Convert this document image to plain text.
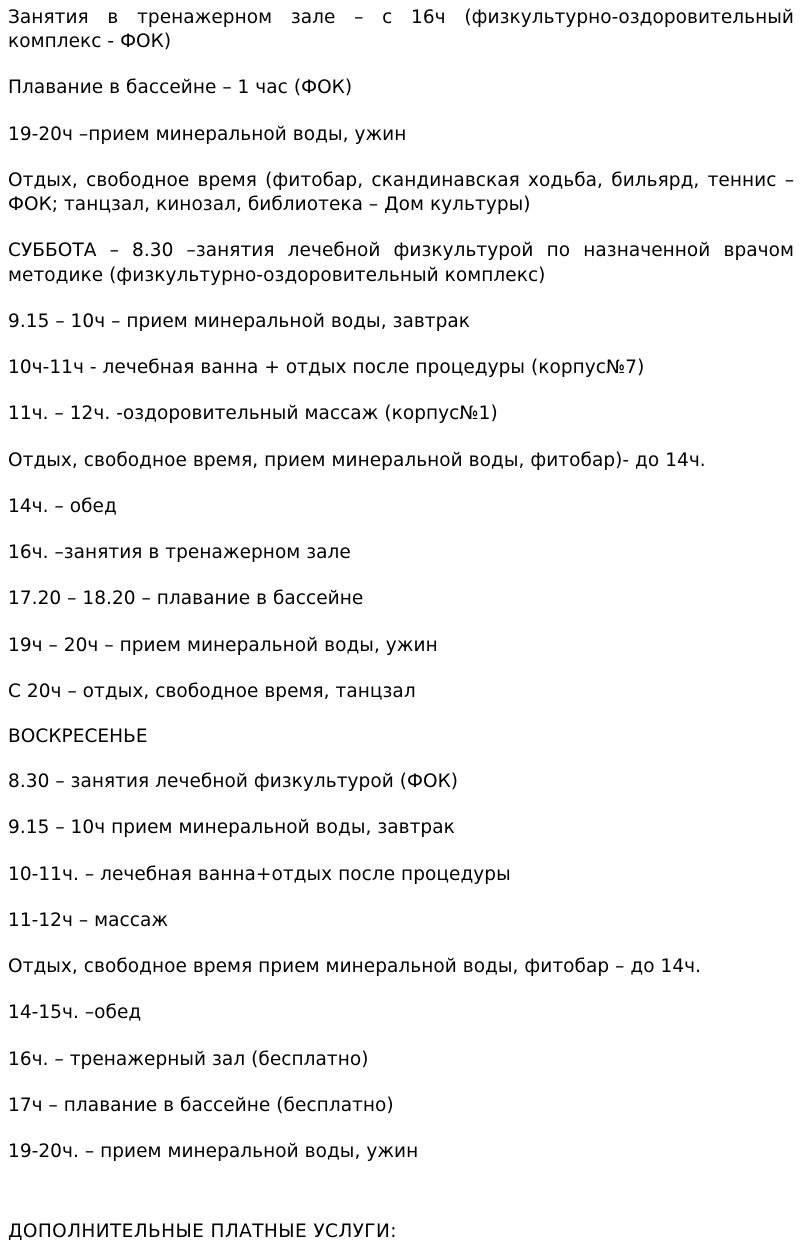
Занятия в тренажерном зале – с 16ч (физкультурно-оздоровительный комплекс - ФОК)

Плавание в бассейне – 1 час (ФОК)

19-20ч –прием минеральной воды, ужин

Отдых, свободное время (фитобар, скандинавская ходьба, бильярд, теннис – ФОК; танцзал, кинозал, библиотека – Дом культуры)

СУББОТА – 8.30 –занятия лечебной физкультурой по назначенной врачом методике (физкультурно-оздоровительный комплекс)

9.15 – 10ч – прием минеральной воды, завтрак

10ч-11ч - лечебная ванна + отдых после процедуры (корпус№7)

11ч. – 12ч. -оздоровительный массаж (корпус№1)

Отдых, свободное время, прием минеральной воды, фитобар)- до 14ч.

14ч. – обед

16ч. –занятия в тренажерном зале

17.20 – 18.20 – плавание в бассейне

19ч – 20ч – прием минеральной воды, ужин

С 20ч – отдых, свободное время, танцзал

ВОСКРЕСЕНЬЕ

8.30 – занятия лечебной физкультурой (ФОК)

9.15 – 10ч прием минеральной воды, завтрак

10-11ч. – лечебная ванна+отдых после процедуры

11-12ч – массаж

Отдых, свободное время прием минеральной воды, фитобар – до 14ч.

14-15ч. –обед

16ч. – тренажерный зал (бесплатно)

17ч – плавание в бассейне (бесплатно)

19-20ч. – прием минеральной воды, ужин

ДОПОЛНИТЕЛЬНЫЕ ПЛАТНЫЕ УСЛУГИ:
